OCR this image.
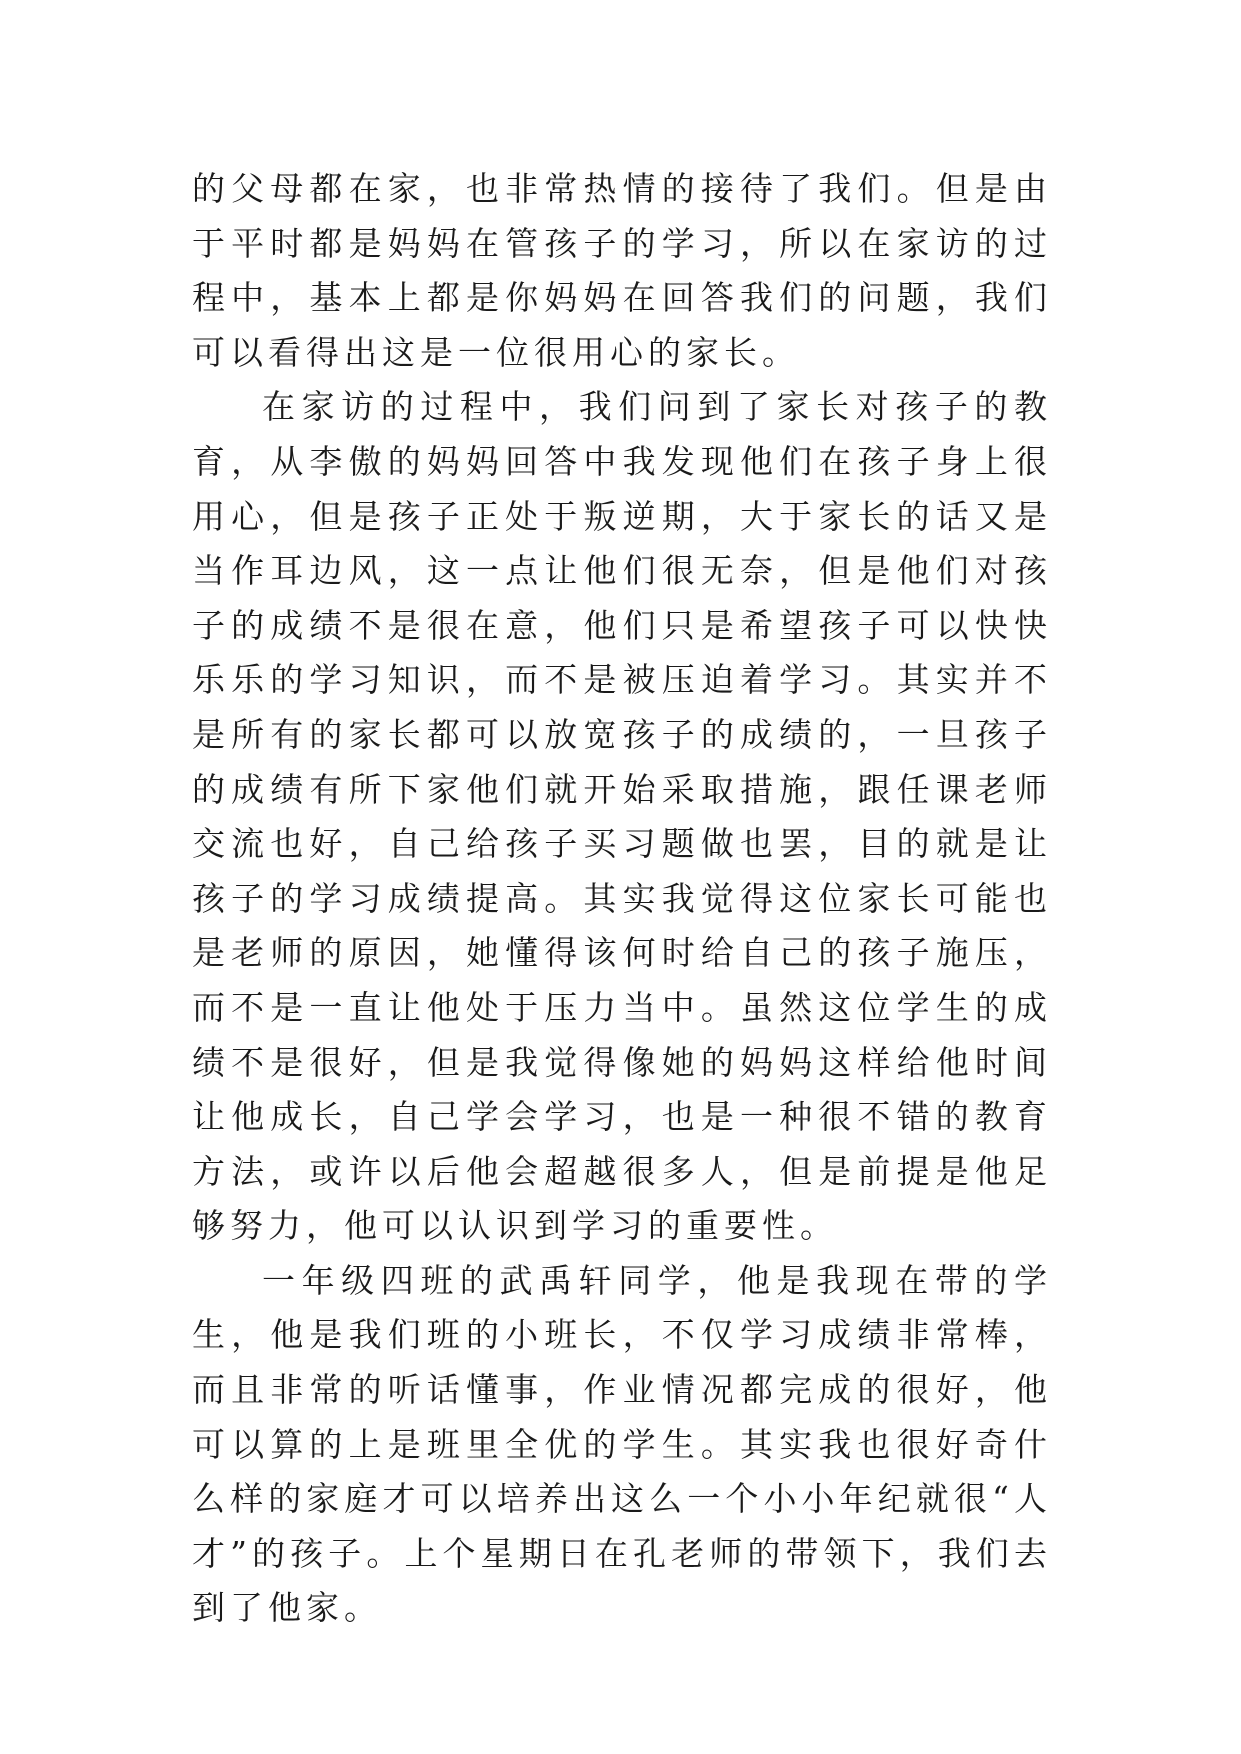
的父母都在家，也非常热情的接待了我们。但是由于平时都是妈妈在管孩子的学习，所以在家访的过程中，基本上都是你妈妈在回答我们的问题，我们可以看得出这是一位很用心的家长。

在家访的过程中，我们问到了家长对孩子的教育，从李傲的妈妈回答中我发现他们在孩子身上很用心，但是孩子正处于叛逆期，大于家长的话又是当作耳边风，这一点让他们很无奈，但是他们对孩子的成绩不是很在意，他们只是希望孩子可以快快乐乐的学习知识，而不是被压迫着学习。其实并不是所有的家长都可以放宽孩子的成绩的，一旦孩子的成绩有所下家他们就开始采取措施，跟任课老师交流也好，自己给孩子买习题做也罢，目的就是让孩子的学习成绩提高。其实我觉得这位家长可能也是老师的原因，她懂得该何时给自己的孩子施压，而不是一直让他处于压力当中。虽然这位学生的成绩不是很好，但是我觉得像她的妈妈这样给他时间让他成长，自己学会学习，也是一种很不错的教育方法，或许以后他会超越很多人，但是前提是他足够努力，他可以认识到学习的重要性。

一年级四班的武禹轩同学，他是我现在带的学生，他是我们班的小班长，不仅学习成绩非常棒，而且非常的听话懂事，作业情况都完成的很好，他可以算的上是班里全优的学生。其实我也很好奇什么样的家庭才可以培养出这么一个小小年纪就很“人才”的孩子。上个星期日在孔老师的带领下，我们去到了他家。
